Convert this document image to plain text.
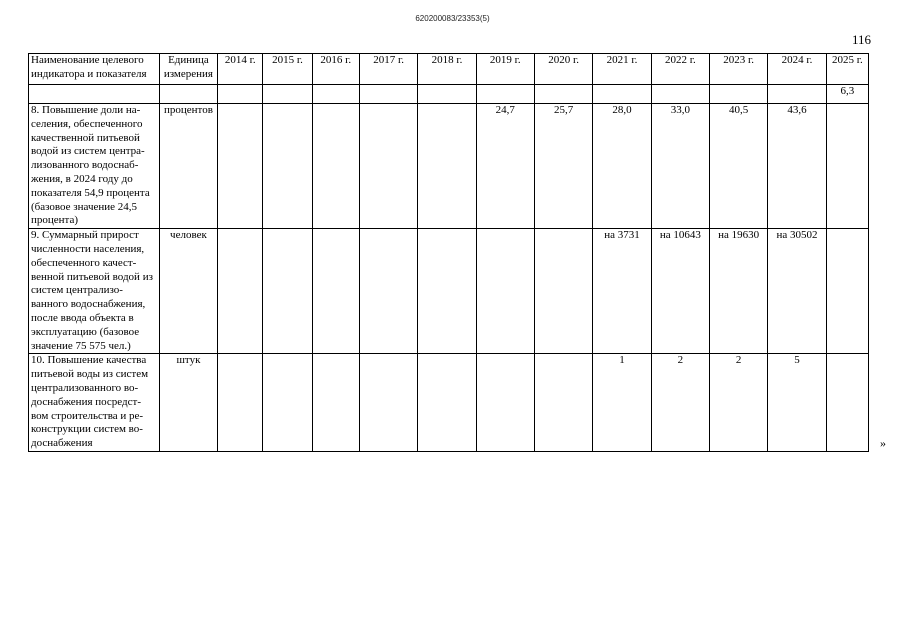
620200083/23353(5)
116
Наименование целевого индикатора и показателя	Единица измерения	2014 г.	2015 г.	2016 г.	2017 г.	2018 г.	2019 г.	2020 г.	2021 г.	2022 г.	2023 г.	2024 г.	2025 г.
													6,3
8. Повышение доли на-селения, обеспеченного качественной питьевой водой из систем центра-лизованного водоснаб-жения, в 2024 году до показателя 54,9 процента (базовое значение 24,5 процента)	процентов						24,7	25,7	28,0	33,0	40,5	43,6	
9. Суммарный прирост численности населения, обеспеченного качест-венной питьевой водой из систем централизо-ванного водоснабжения, после ввода объекта в эксплуатацию (базовое значение 75 575 чел.)	человек								на 3731	на 10643	на 19630	на 30502	
10. Повышение качества питьевой воды из систем централизованного во-доснабжения посредст-вом строительства и ре-конструкции систем во-доснабжения	штук								1	2	2	5	
»
